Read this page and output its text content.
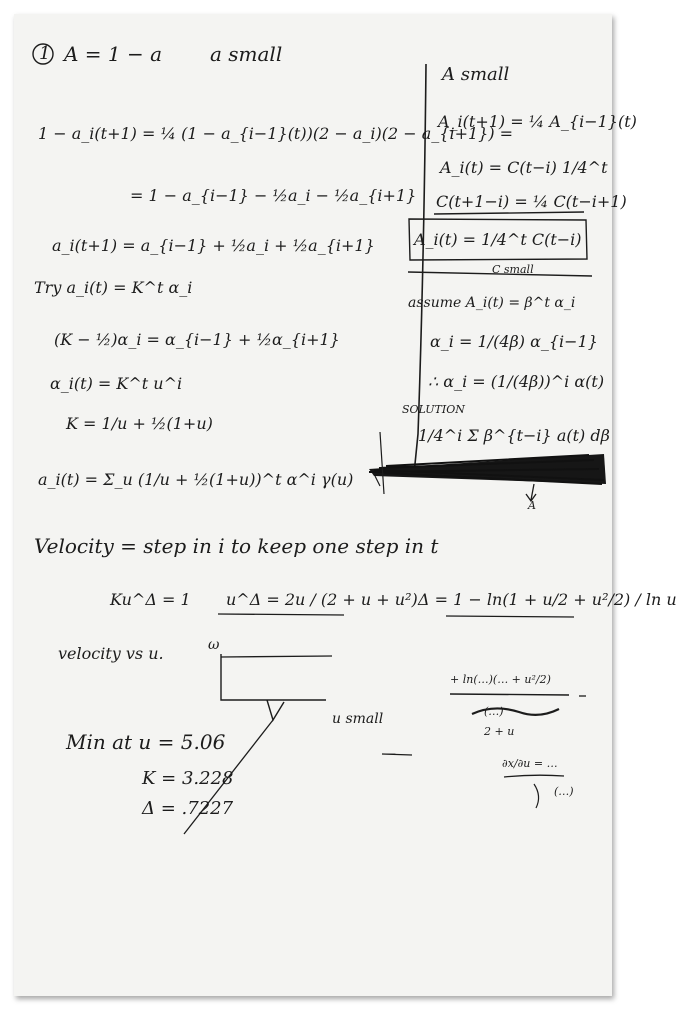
1 A = 1 − a a small
1 − a_i(t+1) = ¼ (1 − a_{i−1}(t))(2 − a_i)(2 − a_{i+1}) =
= 1 − a_{i−1} − ½a_i − ½a_{i+1}
a_i(t+1) = a_{i−1} + ½a_i + ½a_{i+1}
Try a_i(t) = K^t α_i
(K − ½)α_i = α_{i−1} + ½α_{i+1}
α_i(t) = K^t u^i
K = 1/u + ½(1+u)
a_i(t) = Σ_u (1/u + ½(1+u))^t α^i γ(u)
Velocity = step in i to keep one step in t
Ku^Δ = 1 u^Δ = 2u / (2 + u + u²) Δ = 1 − ln(1 + u/2 + u²/2) / ln u
velocity vs u.	ω
u small
Min at u = 5.06
K = 3.228
Δ = .7227
A small
A_i(t+1) = ¼ A_{i−1}(t)
A_i(t) = C(t−i) 1/4^t
C(t+1−i) = ¼ C(t−i+1)
A_i(t) = 1/4^t C(t−i)
C small
assume A_i(t) = β^t α_i
α_i = 1/(4β) α_{i−1}
∴ α_i = (1/(4β))^i α(t)
SOLUTION
1/4^i Σ β^{t−i} a(t) dβ
A
+ ln(…)(… + u²/2)
(…)
2 + u
∂x/∂u = …
(…)
—
